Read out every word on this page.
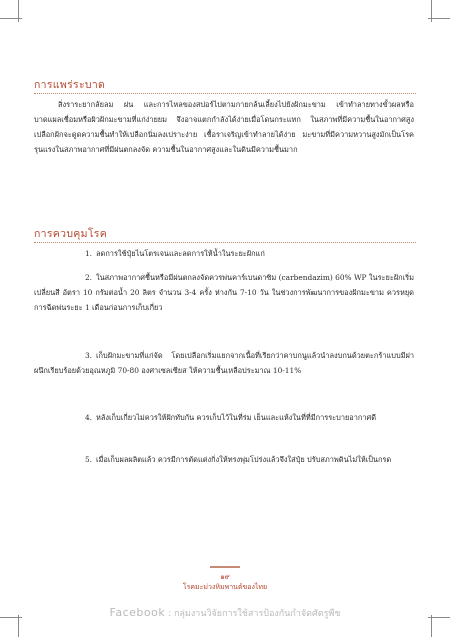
การแพร่ระบาด
สิ่งราระยากลัยลม ฝน และการไหลของสปอร์ไปตามกายกล้นเลี้ยงไปยังฝักมะขาม เข้าทำลายทางขั้วผลหรือบาดแผลเชื่อมหรือผิวฝักมะขามที่แก่ง่ายยม จึงอาจแตกกำลังได้ง่ายเมื่อโดนกระแทก ในสภาพที่มีความชื้นในอากาศสูง เปลือกฝักจะดูดความชื้นทำให้เปลือกนิ่มลงเปราะง่าย เชื้อราเจริญเข้าทำลายได้ง่าย มะขามที่มีความหวานสูงมักเป็นโรครุนแรงในสภาพอากาศที่มีฝนตกลงจัด ความชื้นในอากาศสูงและในดินมีความชื้นมาก
การควบคุมโรค
1. ลดการใช้ปุ๋ยไนโตรเจนและลดการให้น้ำในระยะฝักแก่
2. ในสภาพอากาศชื้นหรือมีฝนตกลงจัดควรพ่นคาร์เบนดาซิม (carbendazim) 60% WP ในระยะฝักเริ่มเปลี่ยนสี อัตรา 10 กรัมต่อน้ำ 20 ลิตร จำนวน 3-4 ครั้ง ห่างกัน 7-10 วัน ในช่วงการพัฒนาการของฝักมะขาม ควรหยุดการฉีดพ่นระยะ 1 เดือนก่อนการเก็บเกี่ยว
3. เก็บฝักมะขามที่แก่จัด โดยเปลือกเริ่มแยกจากเนื้อที่เรียกว่าคาบกนูแล้วนำลงบกนด้วยตะกร้าแบบมีฝาผนึกเรียบร้อยด้วยอุณหภูมิ 70-80 องศาเซลเซียส ให้ความชื้นเหลือประมาณ 10-11%
4. หลังเก็บเกี่ยวไม่ควรให้ฝักทับกัน ควรเก็บไว้ในที่ร่ม เย็นและแห้งในที่ที่มีการระบายอากาศดี
5. เมื่อเก็บผลผลิตแล้ว ควรมีการตัดแต่งกิ่งให้ทรงพุ่มโปร่งแล้วจึงใส่ปุ๋ย ปรับสภาพดินไม่ให้เป็นกรด
๑๙
โรคมะม่วงหิมพานต์ของไทย
Facebook : กลุ่มงานวิจัยการใช้สารป้องกันกำจัดศัตรูพืช
